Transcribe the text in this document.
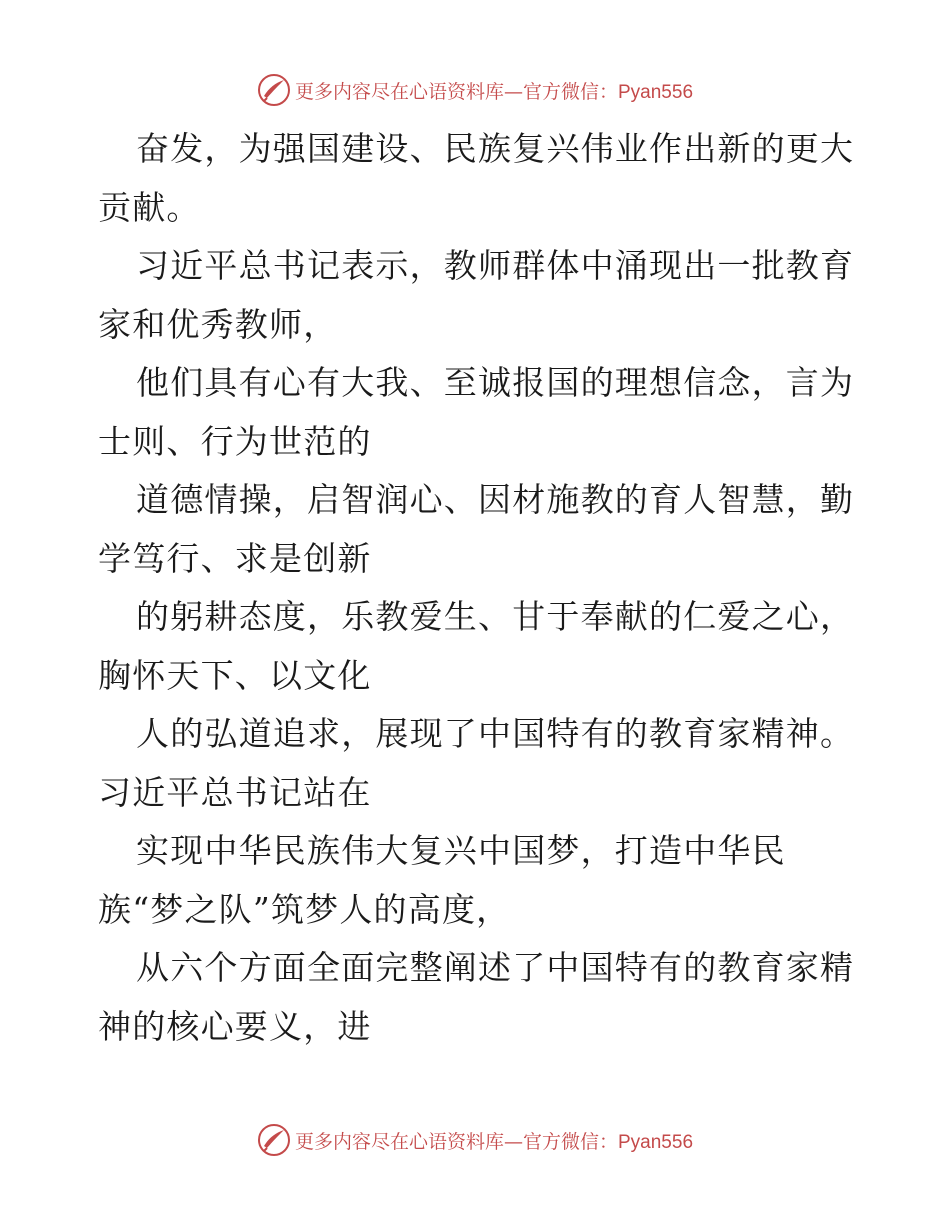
更多内容尽在心语资料库—官方微信：Pyan556
奋发，为强国建设、民族复兴伟业作出新的更大
贡献。
习近平总书记表示，教师群体中涌现出一批教育
家和优秀教师，
他们具有心有大我、至诚报国的理想信念，言为
士则、行为世范的
道德情操，启智润心、因材施教的育人智慧，勤
学笃行、求是创新
的躬耕态度，乐教爱生、甘于奉献的仁爱之心，
胸怀天下、以文化
人的弘道追求，展现了中国特有的教育家精神。
习近平总书记站在
实现中华民族伟大复兴中国梦，打造中华民
族“梦之队”筑梦人的高度，
从六个方面全面完整阐述了中国特有的教育家精
神的核心要义，进
更多内容尽在心语资料库—官方微信：Pyan556
